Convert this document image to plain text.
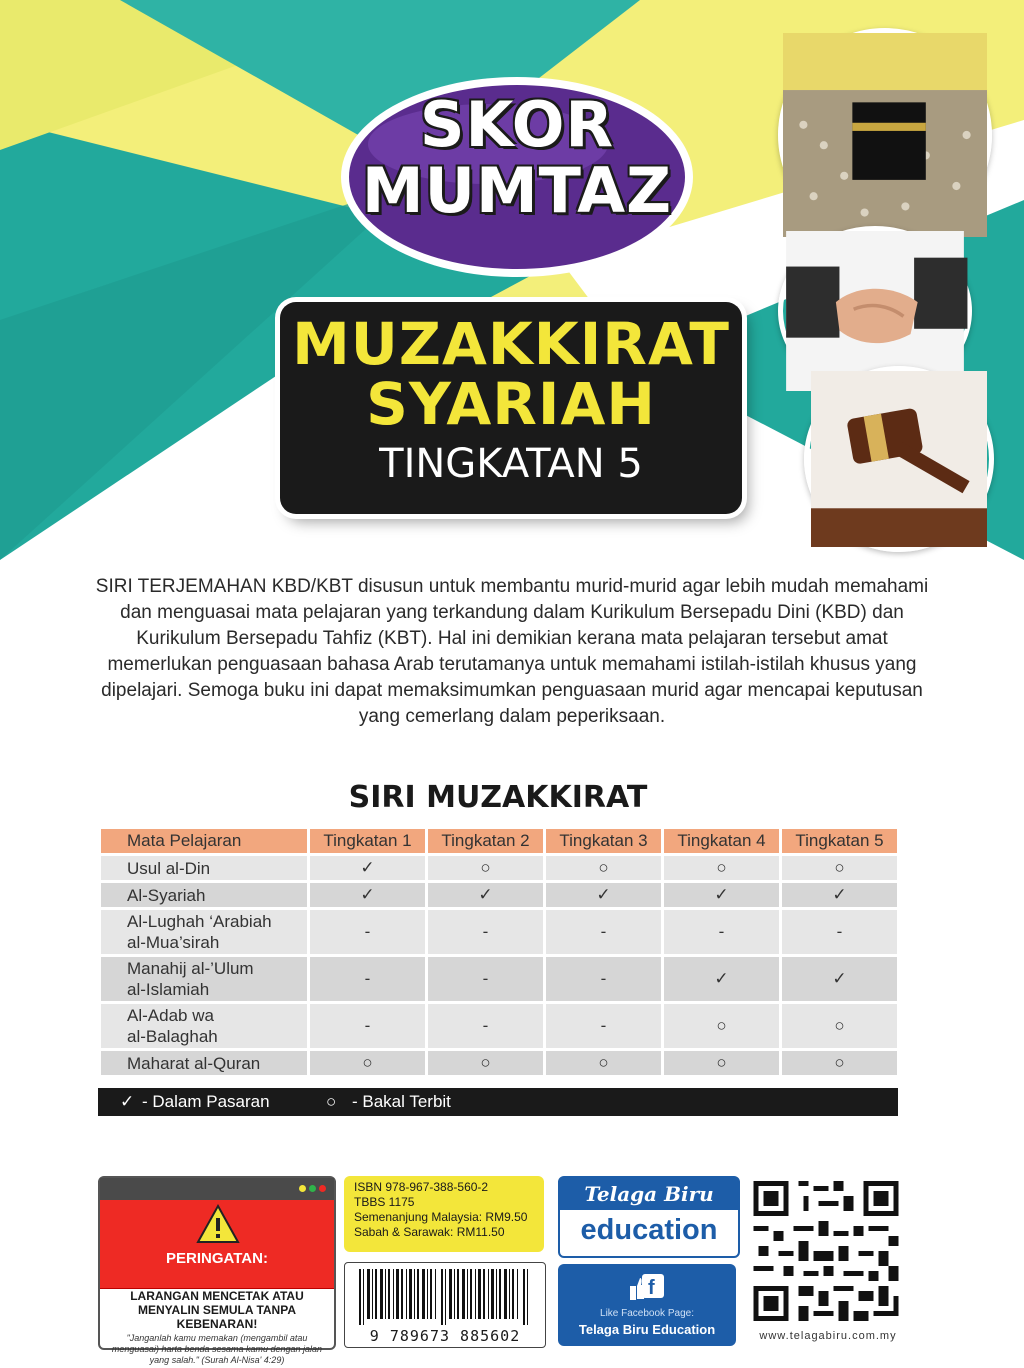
SKOR
MUMTAZ
MUZAKKIRAT
SYARIAH
TINGKATAN 5
SIRI TERJEMAHAN KBD/KBT disusun untuk membantu murid-murid agar lebih mudah memahami dan menguasai mata pelajaran yang terkandung dalam Kurikulum Bersepadu Dini (KBD) dan Kurikulum Bersepadu Tahfiz (KBT). Hal ini demikian kerana mata pelajaran tersebut amat memerlukan penguasaan bahasa Arab terutamanya untuk memahami istilah-istilah khusus yang dipelajari. Semoga buku ini dapat memaksimumkan penguasaan murid agar mencapai keputusan yang cemerlang dalam peperiksaan.
SIRI MUZAKKIRAT
Mata Pelajaran	Tingkatan 1	Tingkatan 2	Tingkatan 3	Tingkatan 4	Tingkatan 5
Usul al-Din	✓	○	○	○	○
Al-Syariah	✓	✓	✓	✓	✓
Al-Lughah ‘Arabiah
al-Mua’sirah	-	-	-	-	-
Manahij al-’Ulum
al-Islamiah	-	-	-	✓	✓
Al-Adab wa
al-Balaghah	-	-	-	○	○
Maharat al-Quran	○	○	○	○	○
✓ - Dalam Pasaran	○ - Bakal Terbit
PERINGATAN:
LARANGAN MENCETAK ATAU MENYALIN SEMULA TANPA KEBENARAN!
"Janganlah kamu memakan (mengambil atau menguasai) harta benda sesama kamu dengan jalan yang salah." (Surah Al-Nisa' 4:29)
ISBN 978-967-388-560-2
TBBS 1175
Semenanjung Malaysia: RM9.50
Sabah & Sarawak: RM11.50
9 789673 885602
Telaga Biru
education
f
Like Facebook Page:
Telaga Biru Education	www.telagabiru.com.my
